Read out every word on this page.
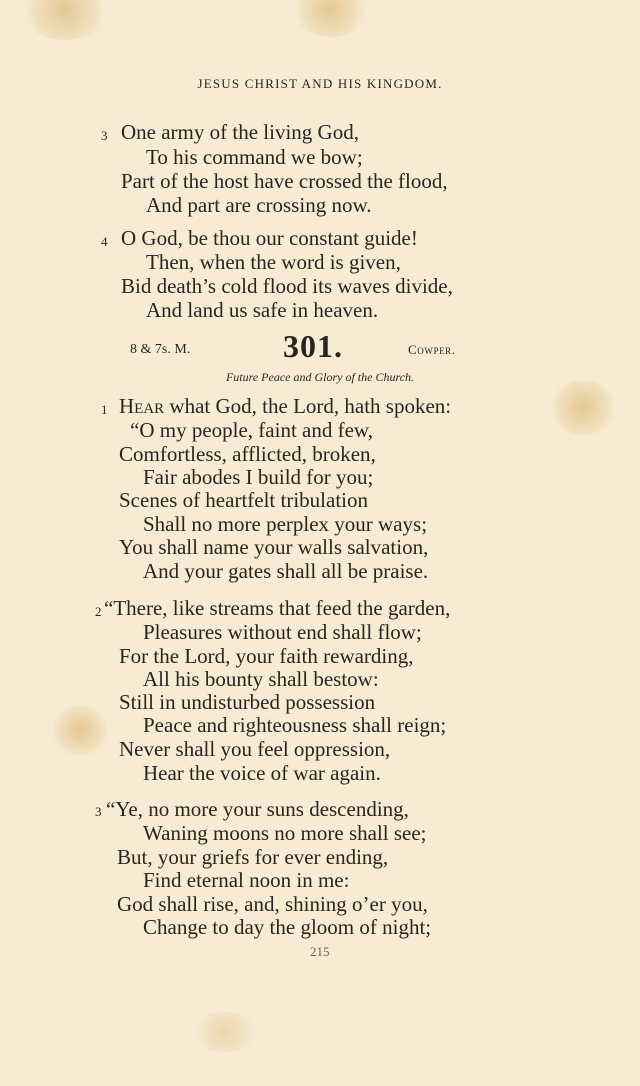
JESUS CHRIST AND HIS KINGDOM.
3 One army of the living God,
To his command we bow;
Part of the host have crossed the flood,
And part are crossing now.
4 O God, be thou our constant guide!
Then, when the word is given,
Bid death’s cold flood its waves divide,
And land us safe in heaven.
8 & 7s. M.	301.	Cowper.
Future Peace and Glory of the Church.
1 Hear what God, the Lord, hath spoken:
“O my people, faint and few,
Comfortless, afflicted, broken,
Fair abodes I build for you;
Scenes of heartfelt tribulation
Shall no more perplex your ways;
You shall name your walls salvation,
And your gates shall all be praise.
2 “There, like streams that feed the garden,
Pleasures without end shall flow;
For the Lord, your faith rewarding,
All his bounty shall bestow:
Still in undisturbed possession
Peace and righteousness shall reign;
Never shall you feel oppression,
Hear the voice of war again.
3 “Ye, no more your suns descending,
Waning moons no more shall see;
But, your griefs for ever ending,
Find eternal noon in me:
God shall rise, and, shining o’er you,
Change to day the gloom of night;
215
